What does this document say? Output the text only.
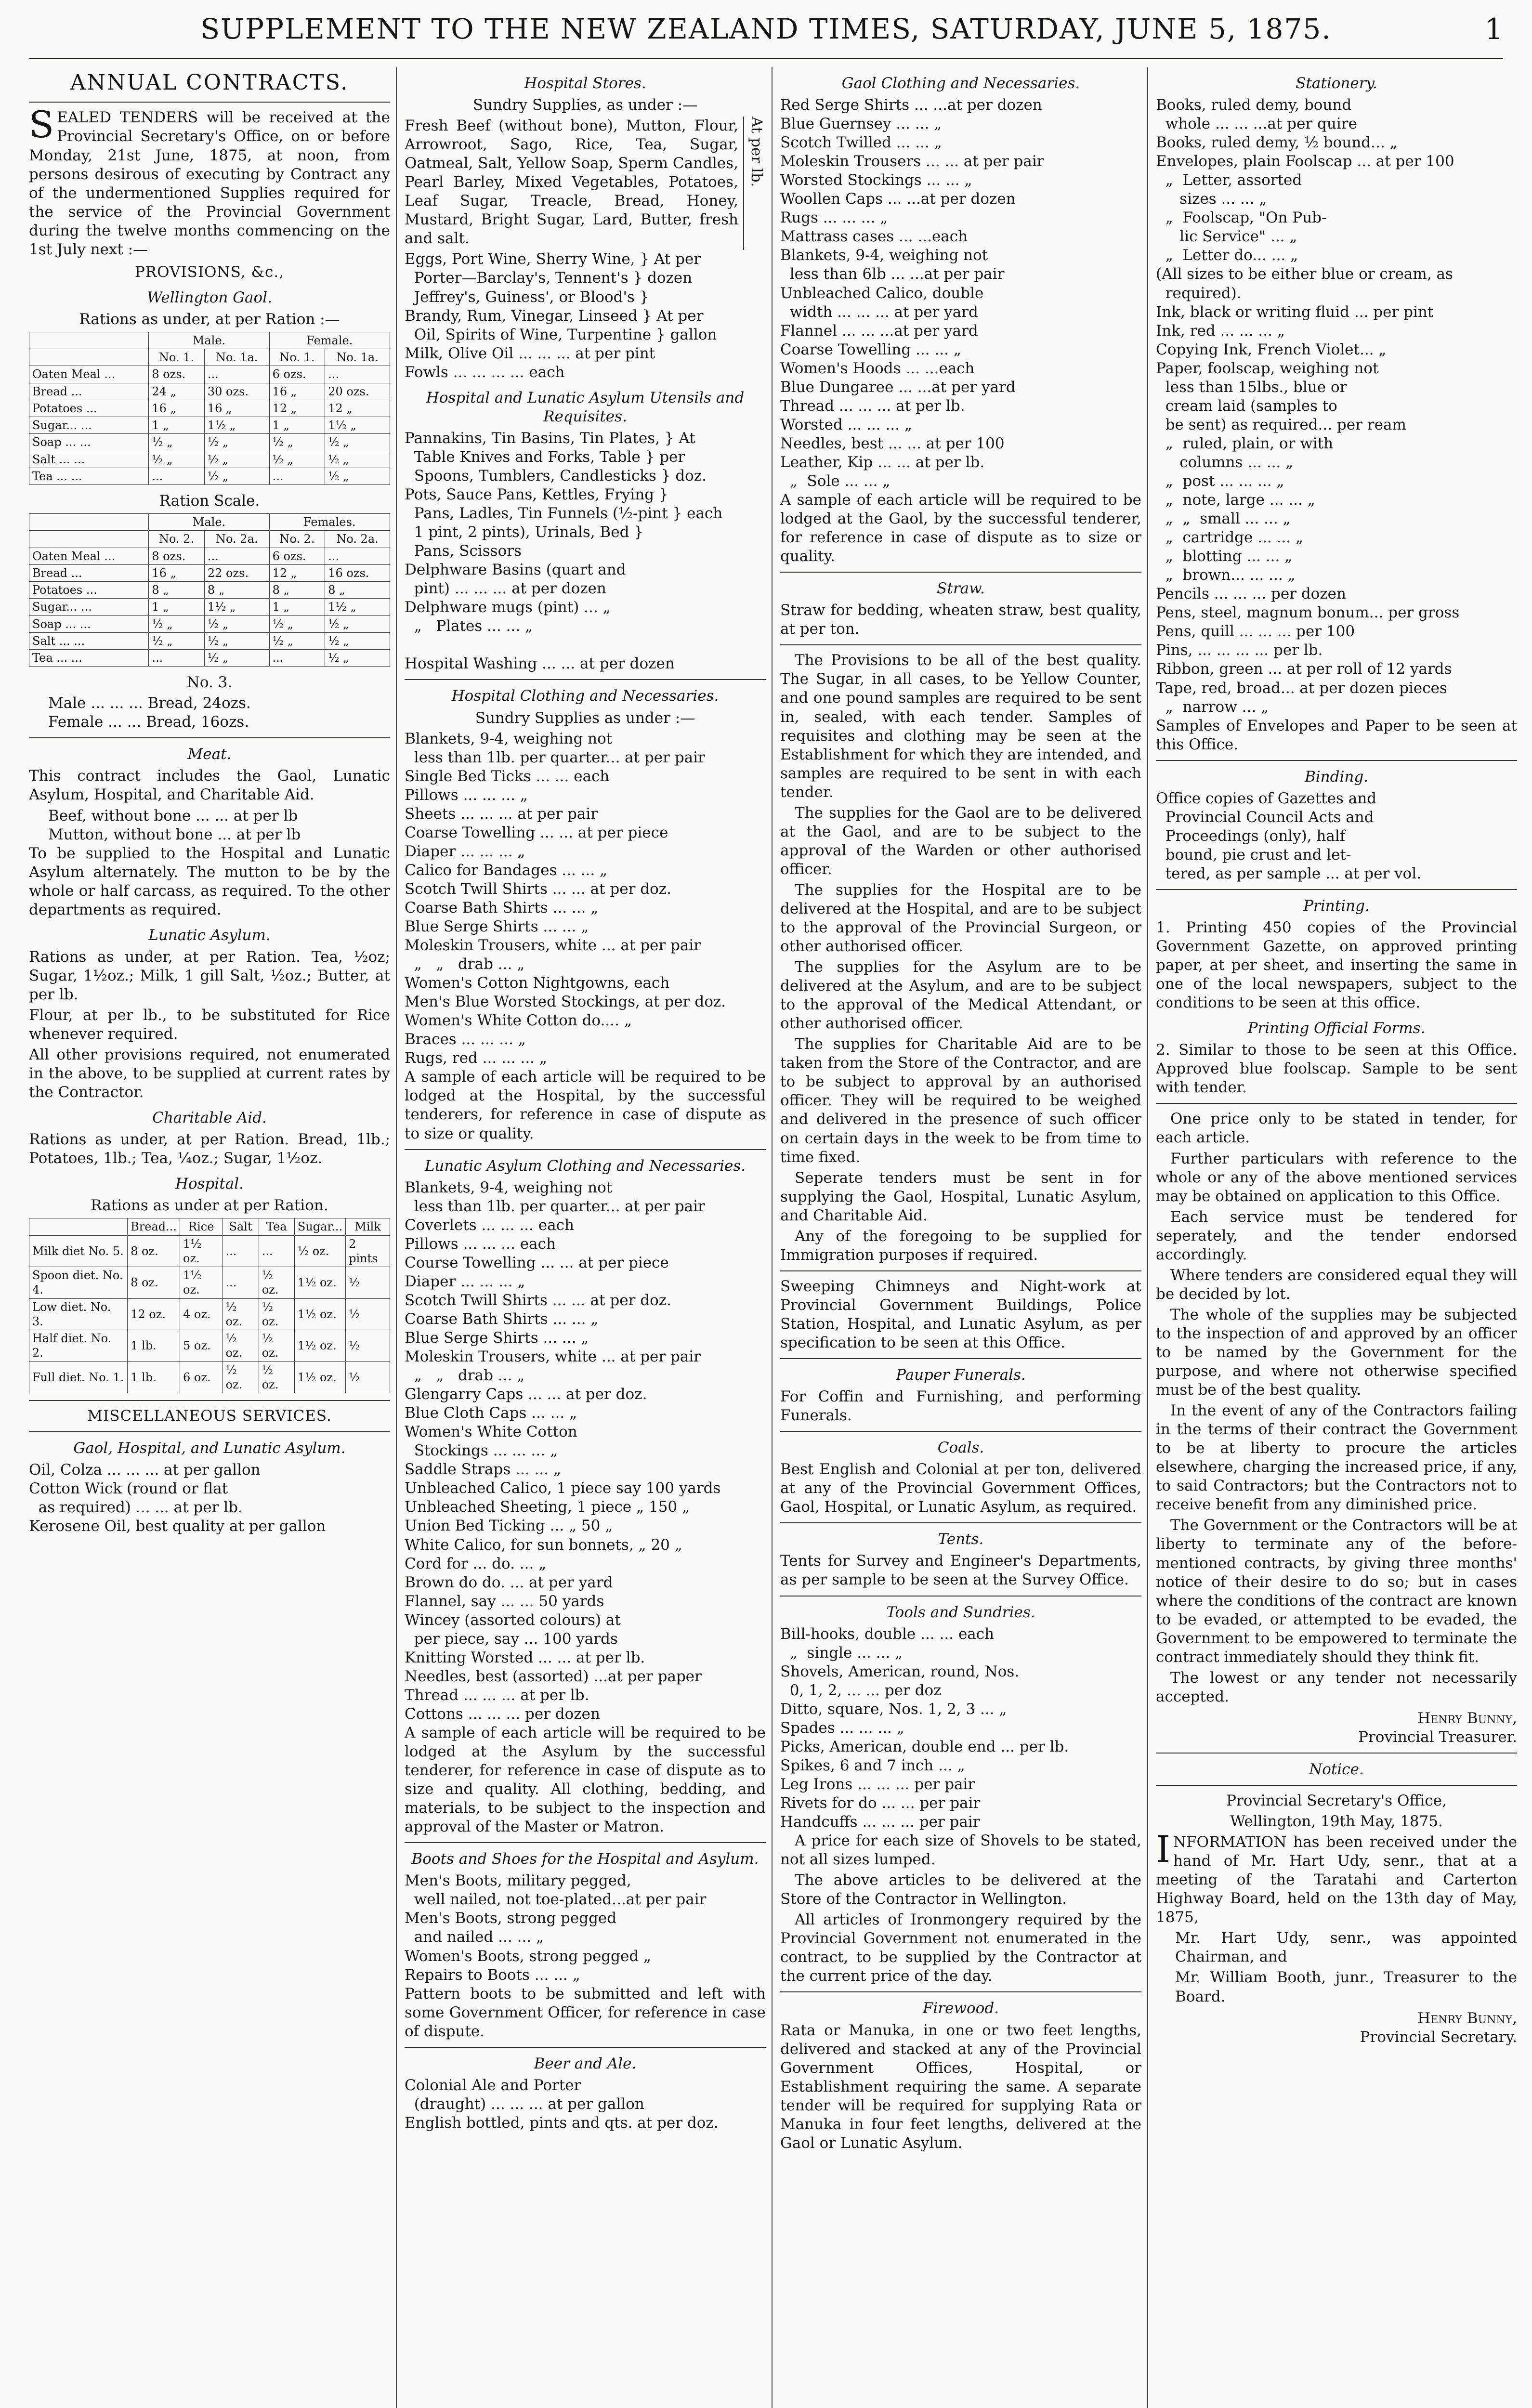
SUPPLEMENT TO THE NEW ZEALAND TIMES, SATURDAY, JUNE 5, 1875.	1
ANNUAL CONTRACTS.

SEALED TENDERS will be received at the Provincial Secretary's Office, on or before Monday, 21st June, 1875, at noon, from persons desirous of executing by Contract any of the undermentioned Supplies required for the service of the Provincial Government during the twelve months commencing on the 1st July next :—

PROVISIONS, &c.,
Wellington Gaol.
Rations as under, at per Ration :—
	Male.		Female.	
	No. 1.	No. 1a.	No. 1.	No. 1a.
Oaten Meal ...	8 ozs.	...	6 ozs.	...
Bread ...	24 „	30 ozs.	16 „	20 ozs.
Potatoes ...	16 „	16 „	12 „	12 „
Sugar... ...	1 „	1½ „	1 „	1½ „
Soap ... ...	½ „	½ „	½ „	½ „
Salt ... ...	½ „	½ „	½ „	½ „
Tea ... ...	...	½ „	...	½ „
Ration Scale.
	Male.		Females.	
	No. 2.	No. 2a.	No. 2.	No. 2a.
Oaten Meal ...	8 ozs.	...	6 ozs.	...
Bread ...	16 „	22 ozs.	12 „	16 ozs.
Potatoes ...	8 „	8 „	8 „	8 „
Sugar... ...	1 „	1½ „	1 „	1½ „
Soap ... ...	½ „	½ „	½ „	½ „
Salt ... ...	½ „	½ „	½ „	½ „
Tea ... ...	...	½ „	...	½ „
No. 3.
Male ... ... ... Bread, 24ozs.
Female ... ... Bread, 16ozs.
Meat.

This contract includes the Gaol, Lunatic Asylum, Hospital, and Charitable Aid.

Beef, without bone ... ... at per lb
Mutton, without bone ... at per lb

To be supplied to the Hospital and Lunatic Asylum alternately. The mutton to be by the whole or half carcass, as required. To the other departments as required.

Lunatic Asylum.

Rations as under, at per Ration. Tea, ½oz; Sugar, 1½oz.; Milk, 1 gill Salt, ½oz.; Butter, at per lb.

Flour, at per lb., to be substituted for Rice whenever required.

All other provisions required, not enumerated in the above, to be supplied at current rates by the Contractor.

Charitable Aid.

Rations as under, at per Ration. Bread, 1lb.; Potatoes, 1lb.; Tea, ¼oz.; Sugar, 1½oz.

Hospital.
Rations as under at per Ration.
	Bread...	Rice	Salt	Tea	Sugar...	Milk
Milk diet No. 5.	8 oz.	1½ oz.	...	...	½ oz.	2 pints
Spoon diet. No. 4.	8 oz.	1½ oz.	...	½ oz.	1½ oz.	½
Low diet. No. 3.	12 oz.	4 oz.	½ oz.	½ oz.	1½ oz.	½
Half diet. No. 2.	1 lb.	5 oz.	½ oz.	½ oz.	1½ oz.	½
Full diet. No. 1.	1 lb.	6 oz.	½ oz.	½ oz.	1½ oz.	½
MISCELLANEOUS SERVICES.
Gaol, Hospital, and Lunatic Asylum.
Oil, Colza ... ... ... at per gallon
Cotton Wick (round or flat
as required) ... ... at per lb.
Kerosene Oil, best quality at per gallon
Hospital Stores.
Sundry Supplies, as under :—

Fresh Beef (without bone), Mutton, Flour, Arrowroot, Sago, Rice, Tea, Sugar, Oatmeal, Salt, Yellow Soap, Sperm Candles, Pearl Barley, Mixed Vegetables, Potatoes, Leaf Sugar, Treacle, Bread, Honey, Mustard, Bright Sugar, Lard, Butter, fresh and salt.

At per lb.
Eggs, Port Wine, Sherry Wine, } At per
Porter—Barclay's, Tennent's } dozen
Jeffrey's, Guiness', or Blood's }
Brandy, Rum, Vinegar, Linseed } At per
Oil, Spirits of Wine, Turpentine } gallon
Milk, Olive Oil ... ... ... at per pint
Fowls ... ... ... ... each
Hospital and Lunatic Asylum Utensils and Requisites.
Pannakins, Tin Basins, Tin Plates, } At
Table Knives and Forks, Table } per
Spoons, Tumblers, Candlesticks } doz.
Pots, Sauce Pans, Kettles, Frying }
Pans, Ladles, Tin Funnels (½-pint } each
1 pint, 2 pints), Urinals, Bed }
Pans, Scissors
Delphware Basins (quart and
pint) ... ... ... at per dozen
Delphware mugs (pint) ... „
„   Plates ... ... „

Hospital Washing ... ... at per dozen
Hospital Clothing and Necessaries.
Sundry Supplies as under :—
Blankets, 9-4, weighing not
less than 1lb. per quarter... at per pair
Single Bed Ticks ... ... each
Pillows ... ... ... „
Sheets ... ... ... at per pair
Coarse Towelling ... ... at per piece
Diaper ... ... ... „
Calico for Bandages ... ... „
Scotch Twill Shirts ... ... at per doz.
Coarse Bath Shirts ... ... „
Blue Serge Shirts ... ... „
Moleskin Trousers, white ... at per pair
„   „   drab ... „
Women's Cotton Nightgowns, each
Men's Blue Worsted Stockings, at per doz.
Women's White Cotton do.... „
Braces ... ... ... „
Rugs, red ... ... ... „

A sample of each article will be required to be lodged at the Hospital, by the successful tenderers, for reference in case of dispute as to size or quality.

Lunatic Asylum Clothing and Necessaries.
Blankets, 9-4, weighing not
less than 1lb. per quarter... at per pair
Coverlets ... ... ... each
Pillows ... ... ... each
Course Towelling ... ... at per piece
Diaper ... ... ... „
Scotch Twill Shirts ... ... at per doz.
Coarse Bath Shirts ... ... „
Blue Serge Shirts ... ... „
Moleskin Trousers, white ... at per pair
„   „   drab ... „
Glengarry Caps ... ... at per doz.
Blue Cloth Caps ... ... „
Women's White Cotton
Stockings ... ... ... „
Saddle Straps ... ... „
Unbleached Calico, 1 piece say 100 yards
Unbleached Sheeting, 1 piece „ 150 „
Union Bed Ticking ... „ 50 „
White Calico, for sun bonnets, „ 20 „
Cord for ... do. ... „
Brown do do. ... at per yard
Flannel, say ... ... 50 yards
Wincey (assorted colours) at
per piece, say ... 100 yards
Knitting Worsted ... ... at per lb.
Needles, best (assorted) ...at per paper
Thread ... ... ... at per lb.
Cottons ... ... ... per dozen

A sample of each article will be required to be lodged at the Asylum by the successful tenderer, for reference in case of dispute as to size and quality. All clothing, bedding, and materials, to be subject to the inspection and approval of the Master or Matron.

Boots and Shoes for the Hospital and Asylum.
Men's Boots, military pegged,
well nailed, not toe-plated...at per pair
Men's Boots, strong pegged
and nailed ... ... „
Women's Boots, strong pegged „
Repairs to Boots ... ... „

Pattern boots to be submitted and left with some Government Officer, for reference in case of dispute.

Beer and Ale.
Colonial Ale and Porter
(draught) ... ... ... at per gallon
English bottled, pints and qts. at per doz.
Gaol Clothing and Necessaries.
Red Serge Shirts ... ...at per dozen
Blue Guernsey ... ... „
Scotch Twilled ... ... „
Moleskin Trousers ... ... at per pair
Worsted Stockings ... ... „
Woollen Caps ... ...at per dozen
Rugs ... ... ... „
Mattrass cases ... ...each
Blankets, 9-4, weighing not
less than 6lb ... ...at per pair
Unbleached Calico, double
width ... ... ... at per yard
Flannel ... ... ...at per yard
Coarse Towelling ... ... „
Women's Hoods ... ...each
Blue Dungaree ... ...at per yard
Thread ... ... ... at per lb.
Worsted ... ... ... „
Needles, best ... ... at per 100
Leather, Kip ... ... at per lb.
„  Sole ... ... „

A sample of each article will be required to be lodged at the Gaol, by the successful tenderer, for reference in case of dispute as to size or quality.

Straw.

Straw for bedding, wheaten straw, best quality, at per ton.

The Provisions to be all of the best quality. The Sugar, in all cases, to be Yellow Counter, and one pound samples are required to be sent in, sealed, with each tender. Samples of requisites and clothing may be seen at the Establishment for which they are intended, and samples are required to be sent in with each tender.

The supplies for the Gaol are to be delivered at the Gaol, and are to be subject to the approval of the Warden or other authorised officer.

The supplies for the Hospital are to be delivered at the Hospital, and are to be subject to the approval of the Provincial Surgeon, or other authorised officer.

The supplies for the Asylum are to be delivered at the Asylum, and are to be subject to the approval of the Medical Attendant, or other authorised officer.

The supplies for Charitable Aid are to be taken from the Store of the Contractor, and are to be subject to approval by an authorised officer. They will be required to be weighed and delivered in the presence of such officer on certain days in the week to be from time to time fixed.

Seperate tenders must be sent in for supplying the Gaol, Hospital, Lunatic Asylum, and Charitable Aid.

Any of the foregoing to be supplied for Immigration purposes if required.

Sweeping Chimneys and Night-work at Provincial Government Buildings, Police Station, Hospital, and Lunatic Asylum, as per specification to be seen at this Office.

Pauper Funerals.

For Coffin and Furnishing, and performing Funerals.

Coals.

Best English and Colonial at per ton, delivered at any of the Provincial Government Offices, Gaol, Hospital, or Lunatic Asylum, as required.

Tents.

Tents for Survey and Engineer's Departments, as per sample to be seen at the Survey Office.

Tools and Sundries.
Bill-hooks, double ... ... each
„  single ... ... „
Shovels, American, round, Nos.
0, 1, 2, ... ... per doz
Ditto, square, Nos. 1, 2, 3 ... „
Spades ... ... ... „
Picks, American, double end ... per lb.
Spikes, 6 and 7 inch ... „
Leg Irons ... ... ... per pair
Rivets for do ... ... per pair
Handcuffs ... ... ... per pair

A price for each size of Shovels to be stated, not all sizes lumped.

The above articles to be delivered at the Store of the Contractor in Wellington.

All articles of Ironmongery required by the Provincial Government not enumerated in the contract, to be supplied by the Contractor at the current price of the day.

Firewood.

Rata or Manuka, in one or two feet lengths, delivered and stacked at any of the Provincial Government Offices, Hospital, or Establishment requiring the same. A separate tender will be required for supplying Rata or Manuka in four feet lengths, delivered at the Gaol or Lunatic Asylum.

Stationery.
Books, ruled demy, bound
whole ... ... ...at per quire
Books, ruled demy, ½ bound... „
Envelopes, plain Foolscap ... at per 100
„  Letter, assorted
sizes ... ... „
„  Foolscap, "On Pub-
lic Service" ... „
„  Letter do... ... „
(All sizes to be either blue or cream, as
required).
Ink, black or writing fluid ... per pint
Ink, red ... ... ... „
Copying Ink, French Violet... „
Paper, foolscap, weighing not
less than 15lbs., blue or
cream laid (samples to
be sent) as required... per ream
„  ruled, plain, or with
columns ... ... „
„  post ... ... ... „
„  note, large ... ... „
„  „  small ... ... „
„  cartridge ... ... „
„  blotting ... ... „
„  brown... ... ... „
Pencils ... ... ... per dozen
Pens, steel, magnum bonum... per gross
Pens, quill ... ... ... per 100
Pins, ... ... ... ... per lb.
Ribbon, green ... at per roll of 12 yards
Tape, red, broad... at per dozen pieces
„  narrow ... „

Samples of Envelopes and Paper to be seen at this Office.

Binding.
Office copies of Gazettes and
Provincial Council Acts and
Proceedings (only), half
bound, pie crust and let-
tered, as per sample ... at per vol.
Printing.

1. Printing 450 copies of the Provincial Government Gazette, on approved printing paper, at per sheet, and inserting the same in one of the local newspapers, subject to the conditions to be seen at this office.

Printing Official Forms.

2. Similar to those to be seen at this Office. Approved blue foolscap. Sample to be sent with tender.

One price only to be stated in tender, for each article.

Further particulars with reference to the whole or any of the above mentioned services may be obtained on application to this Office.

Each service must be tendered for seperately, and the tender endorsed accordingly.

Where tenders are considered equal they will be decided by lot.

The whole of the supplies may be subjected to the inspection of and approved by an officer to be named by the Government for the purpose, and where not otherwise specified must be of the best quality.

In the event of any of the Contractors failing in the terms of their contract the Government to be at liberty to procure the articles elsewhere, charging the increased price, if any, to said Contractors; but the Contractors not to receive benefit from any diminished price.

The Government or the Contractors will be at liberty to terminate any of the before-mentioned contracts, by giving three months' notice of their desire to do so; but in cases where the conditions of the contract are known to be evaded, or attempted to be evaded, the Government to be empowered to terminate the contract immediately should they think fit.

The lowest or any tender not necessarily accepted.

Henry Bunny,
Provincial Treasurer.
Notice.
Provincial Secretary's Office,
Wellington, 19th May, 1875.

INFORMATION has been received under the hand of Mr. Hart Udy, senr., that at a meeting of the Taratahi and Carterton Highway Board, held on the 13th day of May, 1875,

Mr. Hart Udy, senr., was appointed Chairman, and

Mr. William Booth, junr., Treasurer to the Board.

Henry Bunny,
Provincial Secretary.
